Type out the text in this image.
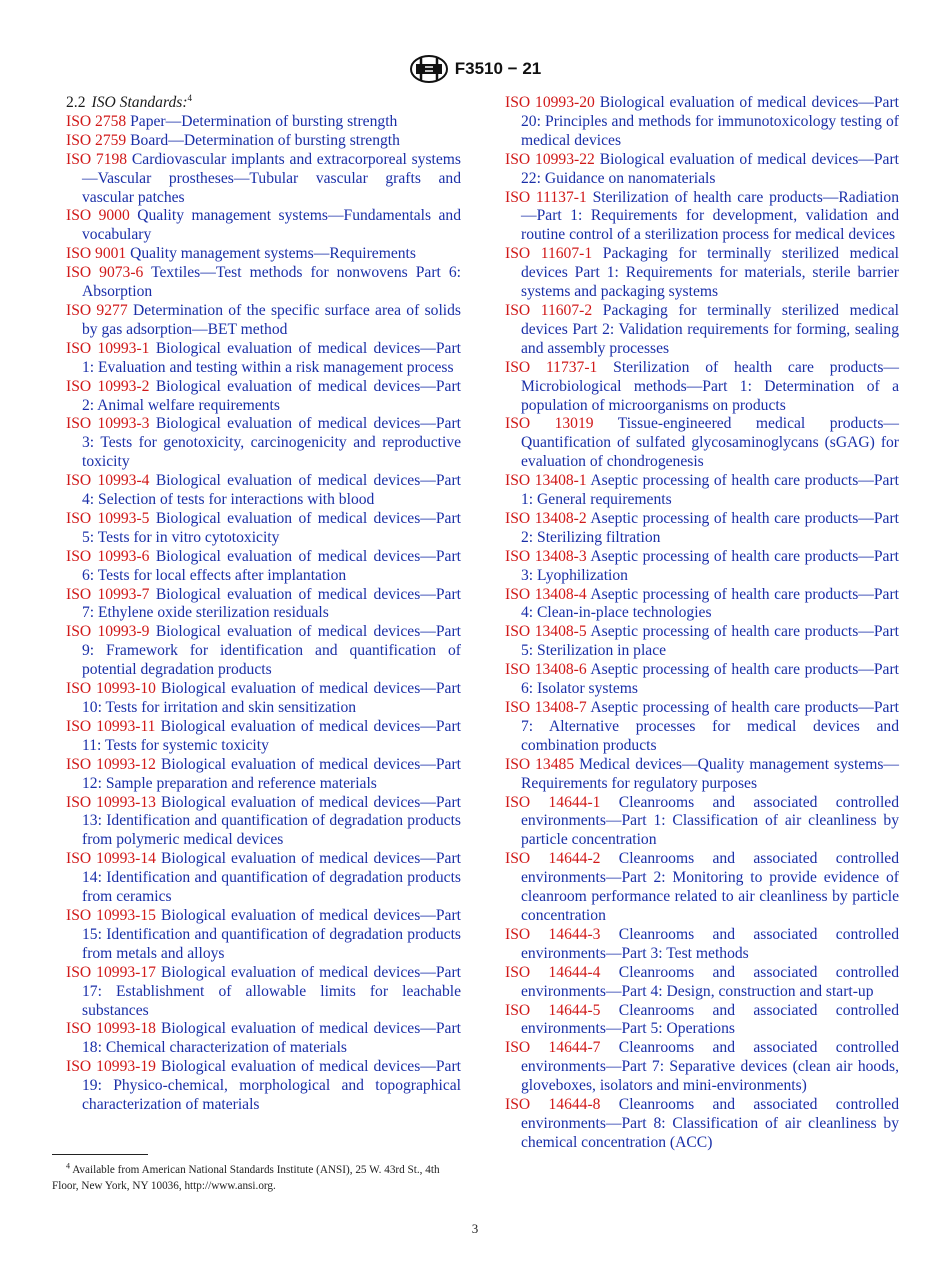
F3510 − 21
2.2 ISO Standards:$^4$
ISO 2758 Paper—Determination of bursting strength
ISO 2759 Board—Determination of bursting strength
ISO 7198 Cardiovascular implants and extracorporeal systems—Vascular prostheses—Tubular vascular grafts and vascular patches
ISO 9000 Quality management systems—Fundamentals and vocabulary
ISO 9001 Quality management systems—Requirements
ISO 9073-6 Textiles—Test methods for nonwovens Part 6: Absorption
ISO 9277 Determination of the specific surface area of solids by gas adsorption—BET method
ISO 10993-1 Biological evaluation of medical devices—Part 1: Evaluation and testing within a risk management process
ISO 10993-2 Biological evaluation of medical devices—Part 2: Animal welfare requirements
ISO 10993-3 Biological evaluation of medical devices—Part 3: Tests for genotoxicity, carcinogenicity and reproductive toxicity
ISO 10993-4 Biological evaluation of medical devices—Part 4: Selection of tests for interactions with blood
ISO 10993-5 Biological evaluation of medical devices—Part 5: Tests for in vitro cytotoxicity
ISO 10993-6 Biological evaluation of medical devices—Part 6: Tests for local effects after implantation
ISO 10993-7 Biological evaluation of medical devices—Part 7: Ethylene oxide sterilization residuals
ISO 10993-9 Biological evaluation of medical devices—Part 9: Framework for identification and quantification of potential degradation products
ISO 10993-10 Biological evaluation of medical devices—Part 10: Tests for irritation and skin sensitization
ISO 10993-11 Biological evaluation of medical devices—Part 11: Tests for systemic toxicity
ISO 10993-12 Biological evaluation of medical devices—Part 12: Sample preparation and reference materials
ISO 10993-13 Biological evaluation of medical devices—Part 13: Identification and quantification of degradation products from polymeric medical devices
ISO 10993-14 Biological evaluation of medical devices—Part 14: Identification and quantification of degradation products from ceramics
ISO 10993-15 Biological evaluation of medical devices—Part 15: Identification and quantification of degradation products from metals and alloys
ISO 10993-17 Biological evaluation of medical devices—Part 17: Establishment of allowable limits for leachable substances
ISO 10993-18 Biological evaluation of medical devices—Part 18: Chemical characterization of materials
ISO 10993-19 Biological evaluation of medical devices—Part 19: Physico-chemical, morphological and topographical characterization of materials
ISO 10993-20 Biological evaluation of medical devices—Part 20: Principles and methods for immunotoxicology testing of medical devices
ISO 10993-22 Biological evaluation of medical devices—Part 22: Guidance on nanomaterials
ISO 11137-1 Sterilization of health care products—Radiation—Part 1: Requirements for development, validation and routine control of a sterilization process for medical devices
ISO 11607-1 Packaging for terminally sterilized medical devices Part 1: Requirements for materials, sterile barrier systems and packaging systems
ISO 11607-2 Packaging for terminally sterilized medical devices Part 2: Validation requirements for forming, sealing and assembly processes
ISO 11737-1 Sterilization of health care products—Microbiological methods—Part 1: Determination of a population of microorganisms on products
ISO 13019 Tissue-engineered medical products—Quantification of sulfated glycosaminoglycans (sGAG) for evaluation of chondrogenesis
ISO 13408-1 Aseptic processing of health care products—Part 1: General requirements
ISO 13408-2 Aseptic processing of health care products—Part 2: Sterilizing filtration
ISO 13408-3 Aseptic processing of health care products—Part 3: Lyophilization
ISO 13408-4 Aseptic processing of health care products—Part 4: Clean-in-place technologies
ISO 13408-5 Aseptic processing of health care products—Part 5: Sterilization in place
ISO 13408-6 Aseptic processing of health care products—Part 6: Isolator systems
ISO 13408-7 Aseptic processing of health care products—Part 7: Alternative processes for medical devices and combination products
ISO 13485 Medical devices—Quality management systems—Requirements for regulatory purposes
ISO 14644-1 Cleanrooms and associated controlled environments—Part 1: Classification of air cleanliness by particle concentration
ISO 14644-2 Cleanrooms and associated controlled environments—Part 2: Monitoring to provide evidence of cleanroom performance related to air cleanliness by particle concentration
ISO 14644-3 Cleanrooms and associated controlled environments—Part 3: Test methods
ISO 14644-4 Cleanrooms and associated controlled environments—Part 4: Design, construction and start-up
ISO 14644-5 Cleanrooms and associated controlled environments—Part 5: Operations
ISO 14644-7 Cleanrooms and associated controlled environments—Part 7: Separative devices (clean air hoods, gloveboxes, isolators and mini-environments)
ISO 14644-8 Cleanrooms and associated controlled environments—Part 8: Classification of air cleanliness by chemical concentration (ACC)
$^4$ Available from American National Standards Institute (ANSI), 25 W. 43rd St., 4th Floor, New York, NY 10036, http://www.ansi.org.
3
